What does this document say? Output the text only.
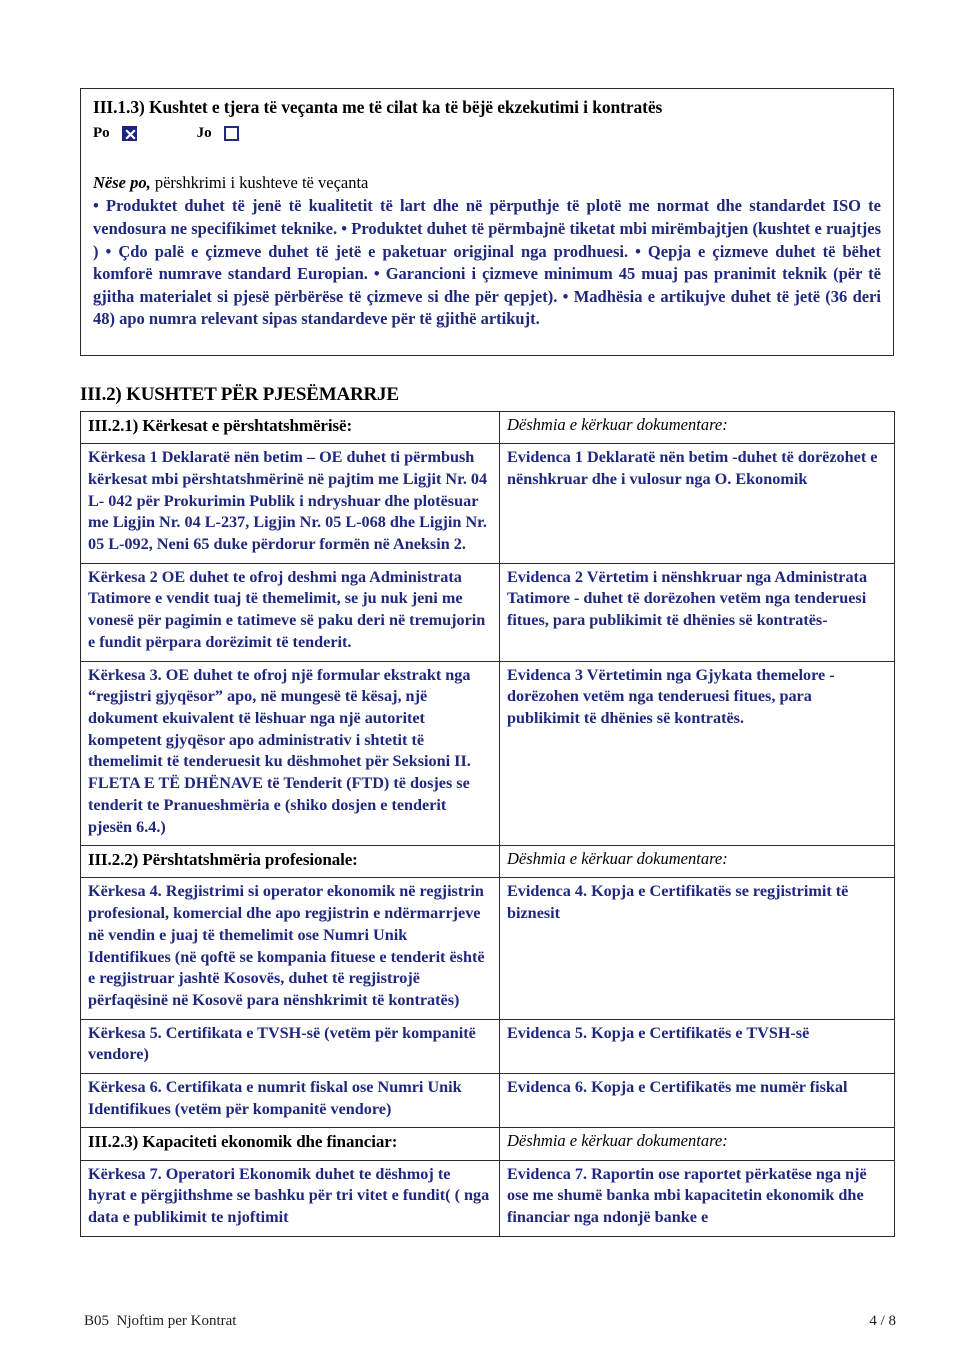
III.1.3) Kushtet e tjera të veçanta me të cilat ka të bëjë ekzekutimi i kontratës
Po	Jo
Nëse po, përshkrimi i kushteve të veçanta
• Produktet duhet të jenë të kualitetit të lart dhe në përputhje të plotë me normat dhe standardet ISO te vendosura ne specifikimet teknike. • Produktet duhet të përmbajnë tiketat mbi mirëmbajtjen (kushtet e ruajtjes ) • Çdo palë e çizmeve duhet të jetë e paketuar origjinal nga prodhuesi. • Qepja e çizmeve duhet të bëhet komforë numrave standard Europian. • Garancioni i çizmeve minimum 45 muaj pas pranimit teknik (për të gjitha materialet si pjesë përbërëse të çizmeve si dhe për qepjet). • Madhësia e artikujve duhet të jetë (36 deri 48) apo numra relevant sipas standardeve për të gjithë artikujt.
III.2) KUSHTET PËR PJESËMARRJE
III.2.1) Kërkesat e përshtatshmërisë:	Dëshmia e kërkuar dokumentare:

Kërkesa 1 Deklaratë nën betim – OE duhet ti përmbush kërkesat mbi përshtatshmërinë në pajtim me Ligjit Nr. 04 L- 042 për Prokurimin Publik i ndryshuar dhe plotësuar me Ligjin Nr. 04 L-237, Ligjin Nr. 05 L-068 dhe Ligjin Nr. 05 L-092, Neni 65 duke përdorur formën në Aneksin 2.	Evidenca 1 Deklaratë nën betim -duhet të dorëzohet e nënshkruar dhe i vulosur nga O. Ekonomik

Kërkesa 2 OE duhet te ofroj deshmi nga Administrata Tatimore e vendit tuaj të themelimit, se ju nuk jeni me vonesë për pagimin e tatimeve së paku deri në tremujorin e fundit përpara dorëzimit të tenderit.	Evidenca 2 Vërtetim i nënshkruar nga Administrata Tatimore - duhet të dorëzohen vetëm nga tenderuesi fitues, para publikimit të dhënies së kontratës-

Kërkesa 3. OE duhet te ofroj një formular ekstrakt nga “regjistri gjyqësor” apo, në mungesë të kësaj, një dokument ekuivalent të lëshuar nga një autoritet kompetent gjyqësor apo administrativ i shtetit të themelimit të tenderuesit ku dëshmohet për Seksioni II. FLETA E TË DHËNAVE të Tenderit (FTD) të dosjes se tenderit te Pranueshmëria e (shiko dosjen e tenderit pjesën 6.4.)	Evidenca 3 Vërtetimin nga Gjykata themelore - dorëzohen vetëm nga tenderuesi fitues, para publikimit të dhënies së kontratës.

III.2.2) Përshtatshmëria profesionale:	Dëshmia e kërkuar dokumentare:

Kërkesa 4. Regjistrimi si operator ekonomik në regjistrin profesional, komercial dhe apo regjistrin e ndërmarrjeve në vendin e juaj të themelimit ose Numri Unik Identifikues (në qoftë se kompania fituese e tenderit është e regjistruar jashtë Kosovës, duhet të regjistrojë përfaqësinë në Kosovë para nënshkrimit të kontratës)	Evidenca 4. Kopja e Certifikatës se regjistrimit të biznesit

Kërkesa 5. Certifikata e TVSH-së (vetëm për kompanitë vendore)	Evidenca 5. Kopja e Certifikatës e TVSH-së

Kërkesa 6. Certifikata e numrit fiskal ose Numri Unik Identifikues (vetëm për kompanitë vendore)	Evidenca 6. Kopja e Certifikatës me numër fiskal

III.2.3) Kapaciteti ekonomik dhe financiar:	Dëshmia e kërkuar dokumentare:

Kërkesa 7. Operatori Ekonomik duhet te dëshmoj te hyrat e përgjithshme se bashku për tri vitet e fundit( ( nga data e publikimit te njoftimit	Evidenca 7. Raportin ose raportet përkatëse nga një ose me shumë banka mbi kapacitetin ekonomik dhe financiar nga ndonjë banke e
B05  Njoftim per Kontrat	4 / 8
